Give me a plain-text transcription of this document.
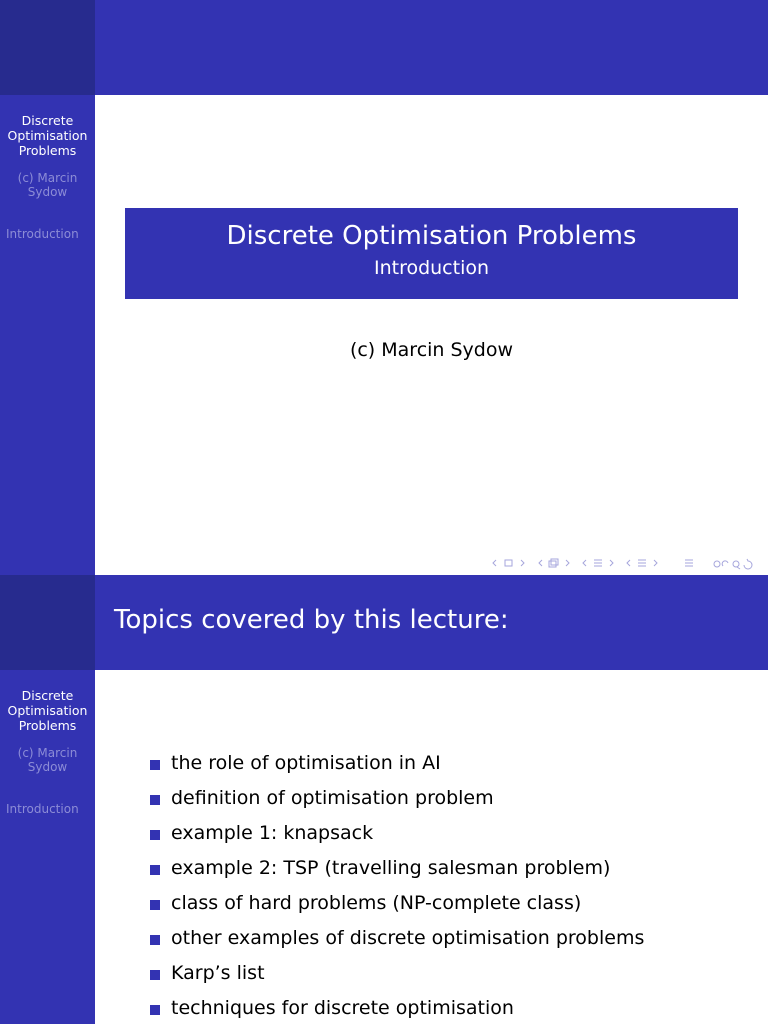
Discrete Optimisation Problems
(c) Marcin Sydow
Introduction	Discrete Optimisation Problems
Introduction
(c) Marcin Sydow
Topics covered by this lecture:
Discrete Optimisation Problems
(c) Marcin Sydow
Introduction
the role of optimisation in AI
definition of optimisation problem
example 1: knapsack
example 2: TSP (travelling salesman problem)
class of hard problems (NP-complete class)
other examples of discrete optimisation problems
Karp’s list
techniques for discrete optimisation
